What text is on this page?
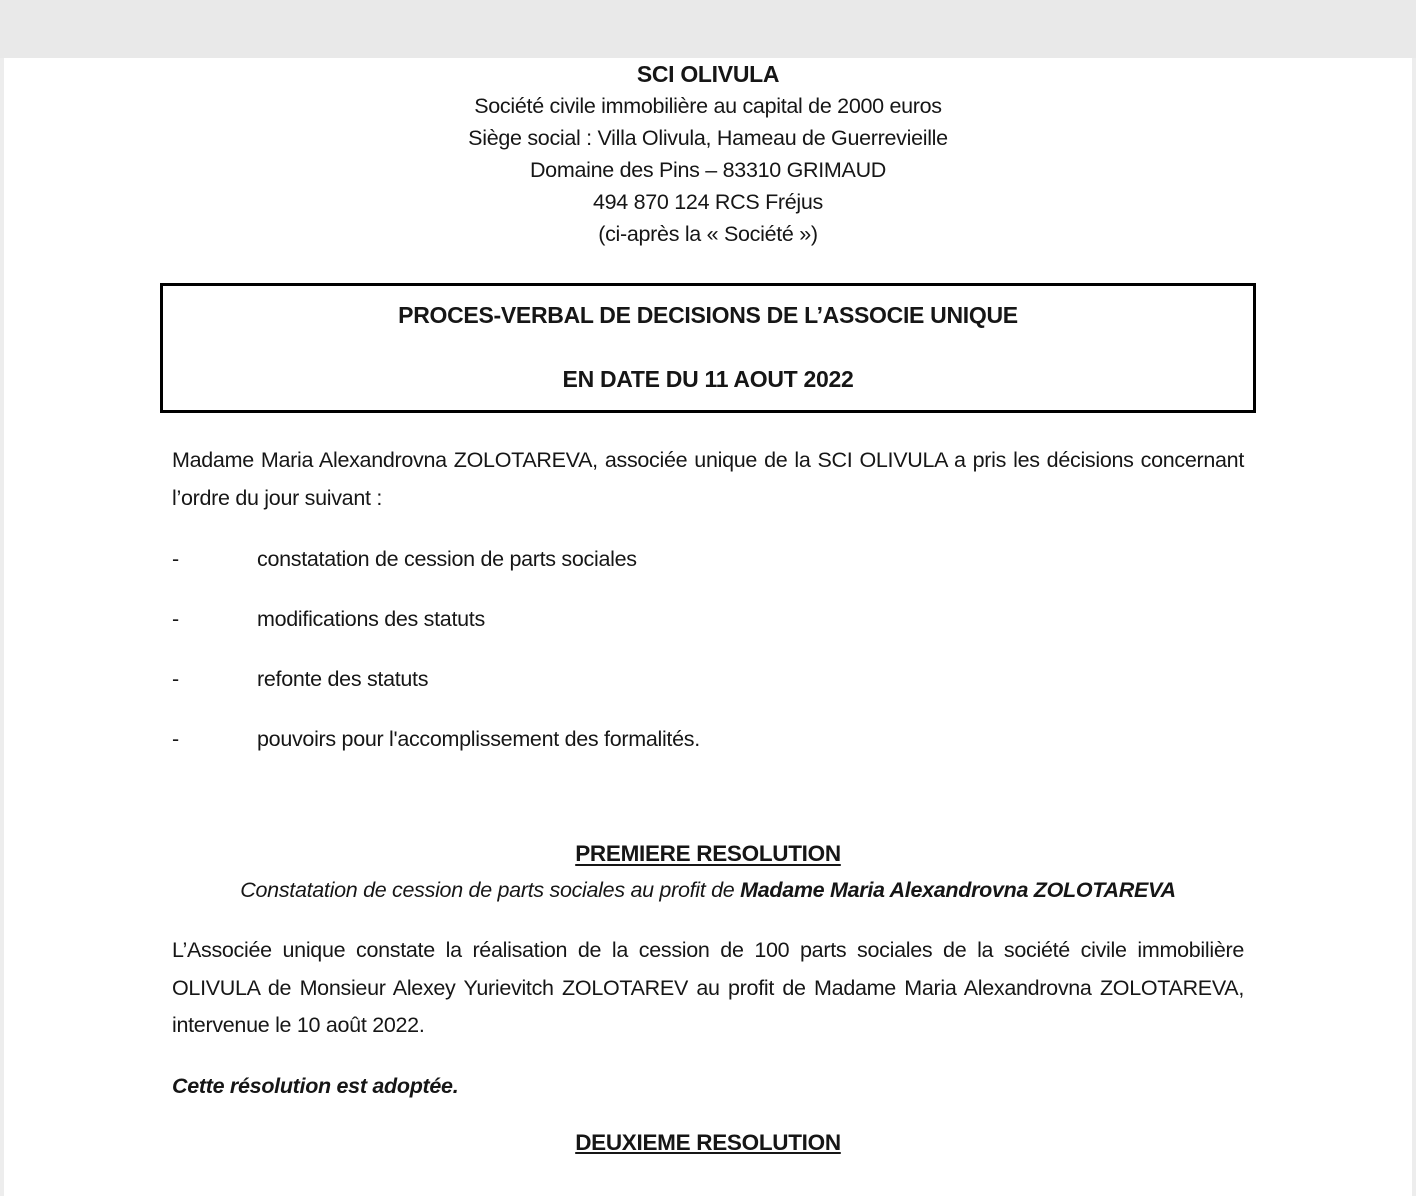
SCI OLIVULA
Société civile immobilière au capital de 2000 euros
Siège social : Villa Olivula, Hameau de Guerrevieille
Domaine des Pins – 83310 GRIMAUD
494 870 124 RCS Fréjus
(ci-après la « Société »)
PROCES-VERBAL DE DECISIONS DE L’ASSOCIE UNIQUE
EN DATE DU 11 AOUT 2022

Madame Maria Alexandrovna ZOLOTAREVA, associée unique de la SCI OLIVULA a pris les décisions concernant l’ordre du jour suivant :

-	constatation de cession de parts sociales
-	modifications des statuts
-	refonte des statuts
-	pouvoirs pour l'accomplissement des formalités.
PREMIERE RESOLUTION
Constatation de cession de parts sociales au profit de Madame Maria Alexandrovna ZOLOTAREVA

L’Associée unique constate la réalisation de la cession de 100 parts sociales de la société civile immobilière OLIVULA de Monsieur Alexey Yurievitch ZOLOTAREV au profit de Madame Maria Alexandrovna ZOLOTAREVA, intervenue le 10 août 2022.

Cette résolution est adoptée.

DEUXIEME RESOLUTION
